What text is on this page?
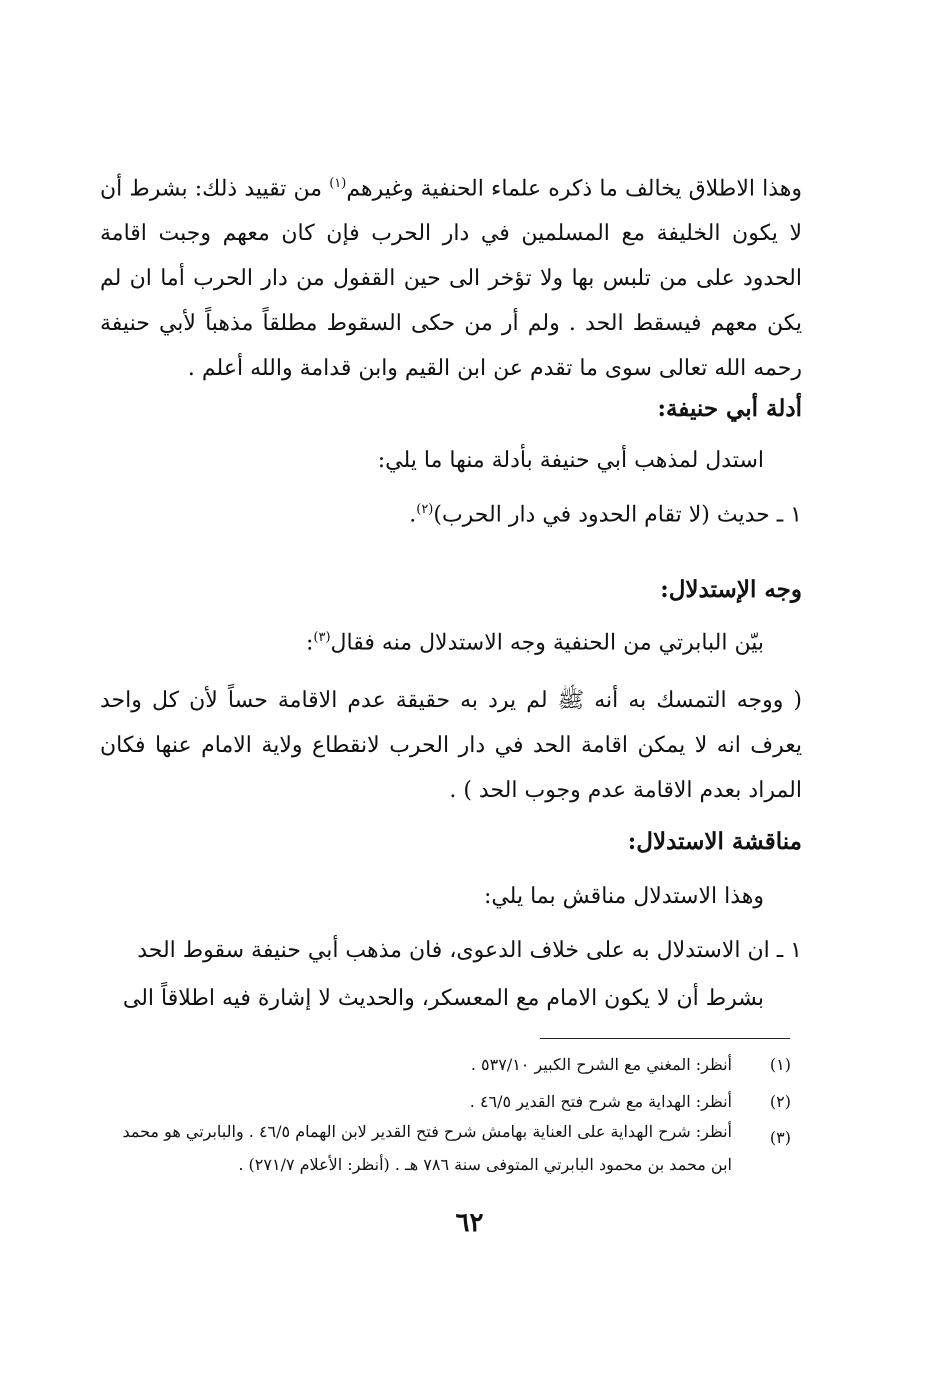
وهذا الاطلاق يخالف ما ذكره علماء الحنفية وغيرهم$^{(١)}$ من تقييد ذلك: بشرط أن لا يكون الخليفة مع المسلمين في دار الحرب فإن كان معهم وجبت اقامة الحدود على من تلبس بها ولا تؤخر الى حين القفول من دار الحرب أما ان لم يكن معهم فيسقط الحد . ولم أر من حكى السقوط مطلقاً مذهباً لأبي حنيفة رحمه الله تعالى سوى ما تقدم عن ابن القيم وابن قدامة والله أعلم .
أدلة أبي حنيفة:
استدل لمذهب أبي حنيفة بأدلة منها ما يلي:
١ ـ حديث (لا تقام الحدود في دار الحرب)$^{(٢)}$.
وجه الإستدلال:
بيّن البابرتي من الحنفية وجه الاستدلال منه فقال$^{(٣)}$:
( ووجه التمسك به أنه ﷺ لم يرد به حقيقة عدم الاقامة حساً لأن كل واحد يعرف انه لا يمكن اقامة الحد في دار الحرب لانقطاع ولاية الامام عنها فكان المراد بعدم الاقامة عدم وجوب الحد ) .
مناقشة الاستدلال:
وهذا الاستدلال مناقش بما يلي:
١ ـ ان الاستدلال به على خلاف الدعوى، فان مذهب أبي حنيفة سقوط الحد
بشرط أن لا يكون الامام مع المعسكر، والحديث لا إشارة فيه اطلاقاً الى
(١)
أنظر: المغني مع الشرح الكبير ٥٣٧/١٠ .
(٢)
أنظر: الهداية مع شرح فتح القدير ٤٦/٥ .
(٣)
أنظر: شرح الهداية على العناية بهامش شرح فتح القدير لابن الهمام ٤٦/٥ . والبابرتي هو محمد
ابن محمد بن محمود البابرتي المتوفى سنة ٧٨٦ هـ . (أنظر: الأعلام ٢٧١/٧) .
٦٢
